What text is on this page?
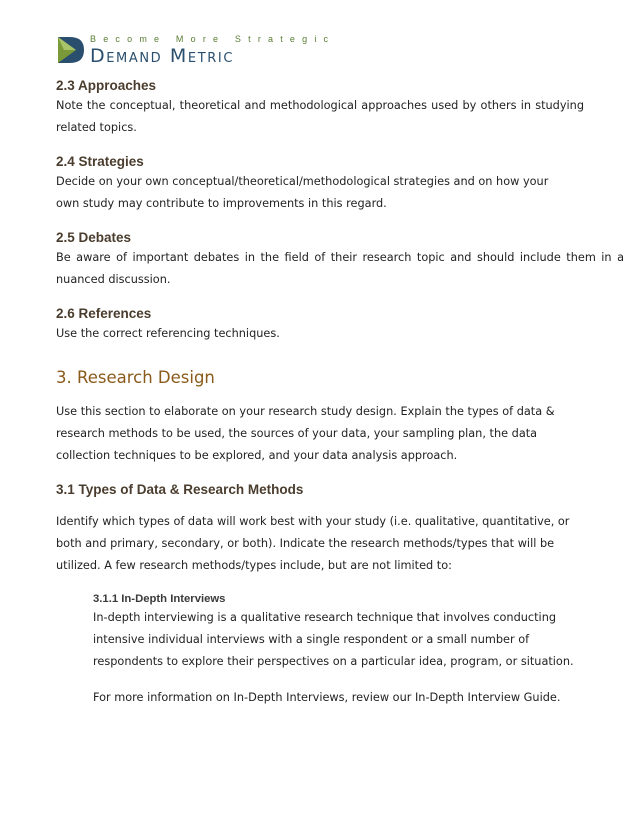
Become More Strategic
Demand Metric
2.3 Approaches

Note the conceptual, theoretical and methodological approaches used by others in studying related topics.

2.4 Strategies

Decide on your own conceptual/theoretical/methodological strategies and on how your

own study may contribute to improvements in this regard.

2.5 Debates

Be aware of important debates in the field of their research topic and should include them in a nuanced discussion.

2.6 References

Use the correct referencing techniques.

3. Research Design

Use this section to elaborate on your research study design. Explain the types of data &

research methods to be used, the sources of your data, your sampling plan, the data

collection techniques to be explored, and your data analysis approach.

3.1 Types of Data & Research Methods

Identify which types of data will work best with your study (i.e. qualitative, quantitative, or

both and primary, secondary, or both). Indicate the research methods/types that will be

utilized. A few research methods/types include, but are not limited to:

3.1.1 In-Depth Interviews

In-depth interviewing is a qualitative research technique that involves conducting

intensive individual interviews with a single respondent or a small number of

respondents to explore their perspectives on a particular idea, program, or situation.

For more information on In-Depth Interviews, review our In-Depth Interview Guide.
